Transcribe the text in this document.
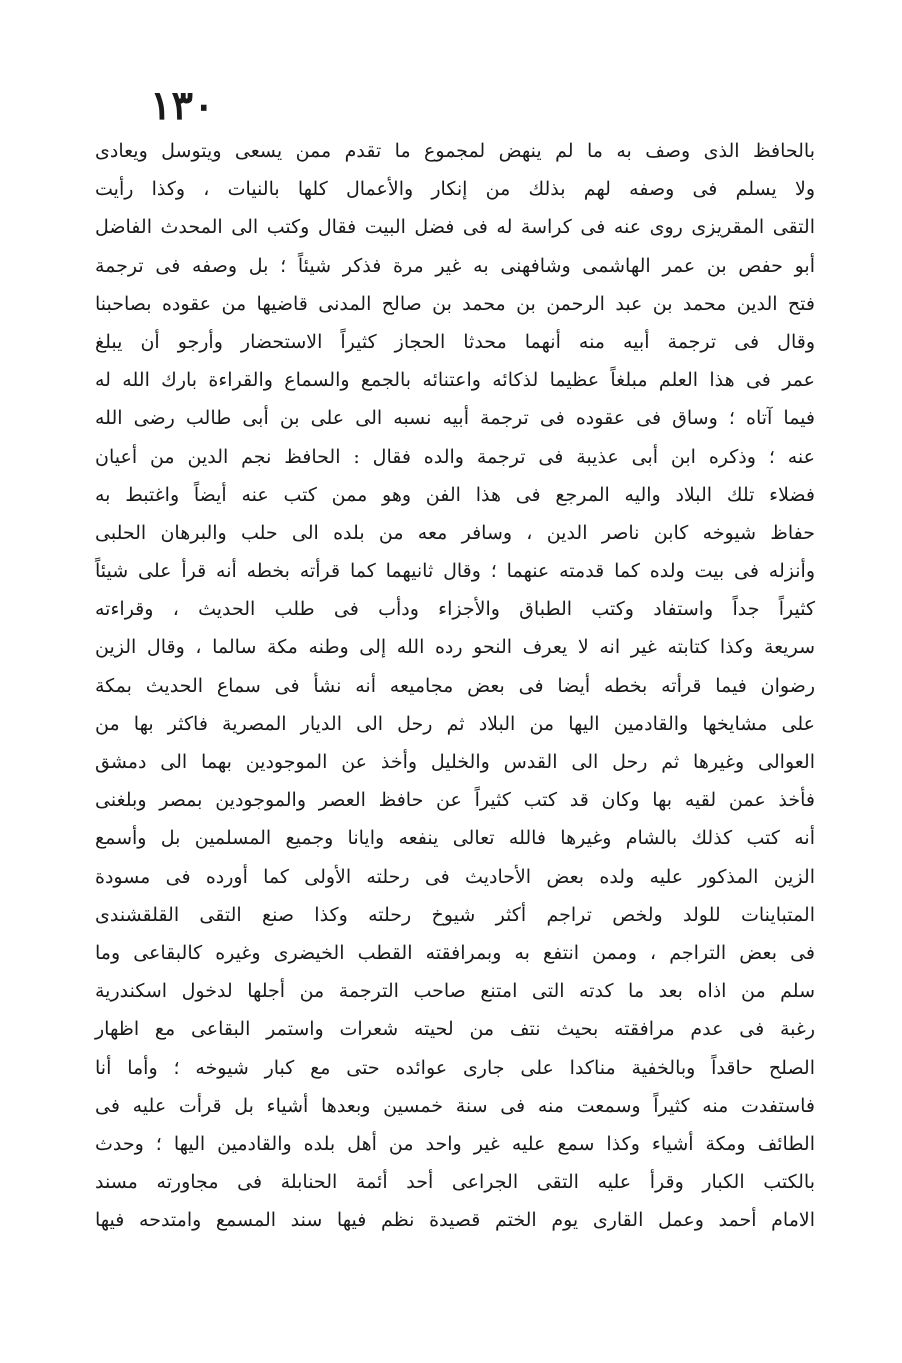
١٣٠
بالحافظ الذى وصف به ما لم ينهض لمجموع ما تقدم ممن يسعى ويتوسل ويعادى
ولا يسلم فى وصفه لهم بذلك من إنكار والأعمال كلها بالنيات ، وكذا رأيت
التقى المقريزى روى عنه فى كراسة له فى فضل البيت فقال وكتب الى المحدث الفاضل
أبو حفص بن عمر الهاشمى وشافهنى به غير مرة فذكر شيئاً ؛ بل وصفه فى ترجمة
فتح الدين محمد بن عبد الرحمن بن محمد بن صالح المدنى قاضيها من عقوده بصاحبنا
وقال فى ترجمة أبيه منه أنهما محدثا الحجاز كثيراً الاستحضار وأرجو أن يبلغ
عمر فى هذا العلم مبلغاً عظيما لذكائه واعتنائه بالجمع والسماع والقراءة بارك الله له
فيما آتاه ؛ وساق فى عقوده فى ترجمة أبيه نسبه الى على بن أبى طالب رضى الله
عنه ؛ وذكره ابن أبى عذيبة فى ترجمة والده فقال : الحافظ نجم الدين من أعيان
فضلاء تلك البلاد واليه المرجع فى هذا الفن وهو ممن كتب عنه أيضاً واغتبط به
حفاظ شيوخه كابن ناصر الدين ، وسافر معه من بلده الى حلب والبرهان الحلبى
وأنزله فى بيت ولده كما قدمته عنهما ؛ وقال ثانيهما كما قرأته بخطه أنه قرأ على شيئاً
كثيراً جداً واستفاد وكتب الطباق والأجزاء ودأب فى طلب الحديث ، وقراءته
سريعة وكذا كتابته غير انه لا يعرف النحو رده الله إلى وطنه مكة سالما ، وقال الزين
رضوان فيما قرأته بخطه أيضا فى بعض مجاميعه أنه نشأ فى سماع الحديث بمكة
على مشايخها والقادمين اليها من البلاد ثم رحل الى الديار المصرية فاكثر بها من
العوالى وغيرها ثم رحل الى القدس والخليل وأخذ عن الموجودين بهما الى دمشق
فأخذ عمن لقيه بها وكان قد كتب كثيراً عن حافظ العصر والموجودين بمصر وبلغنى
أنه كتب كذلك بالشام وغيرها فالله تعالى ينفعه وايانا وجميع المسلمين بل وأسمع
الزين المذكور عليه ولده بعض الأحاديث فى رحلته الأولى كما أورده فى مسودة
المتباينات للولد ولخص تراجم أكثر شيوخ رحلته وكذا صنع التقى القلقشندى
فى بعض التراجم ، وممن انتفع به وبمرافقته القطب الخيضرى وغيره كالبقاعى وما
سلم من اذاه بعد ما كدته التى امتنع صاحب الترجمة من أجلها لدخول اسكندرية
رغبة فى عدم مرافقته بحيث نتف من لحيته شعرات واستمر البقاعى مع اظهار
الصلح حاقداً وبالخفية مناكدا على جارى عوائده حتى مع كبار شيوخه ؛ وأما أنا
فاستفدت منه كثيراً وسمعت منه فى سنة خمسين وبعدها أشياء بل قرأت عليه فى
الطائف ومكة أشياء وكذا سمع عليه غير واحد من أهل بلده والقادمين اليها ؛ وحدث
بالكتب الكبار وقرأ عليه التقى الجراعى أحد أئمة الحنابلة فى مجاورته مسند
الامام أحمد وعمل القارى يوم الختم قصيدة نظم فيها سند المسمع وامتدحه فيها
